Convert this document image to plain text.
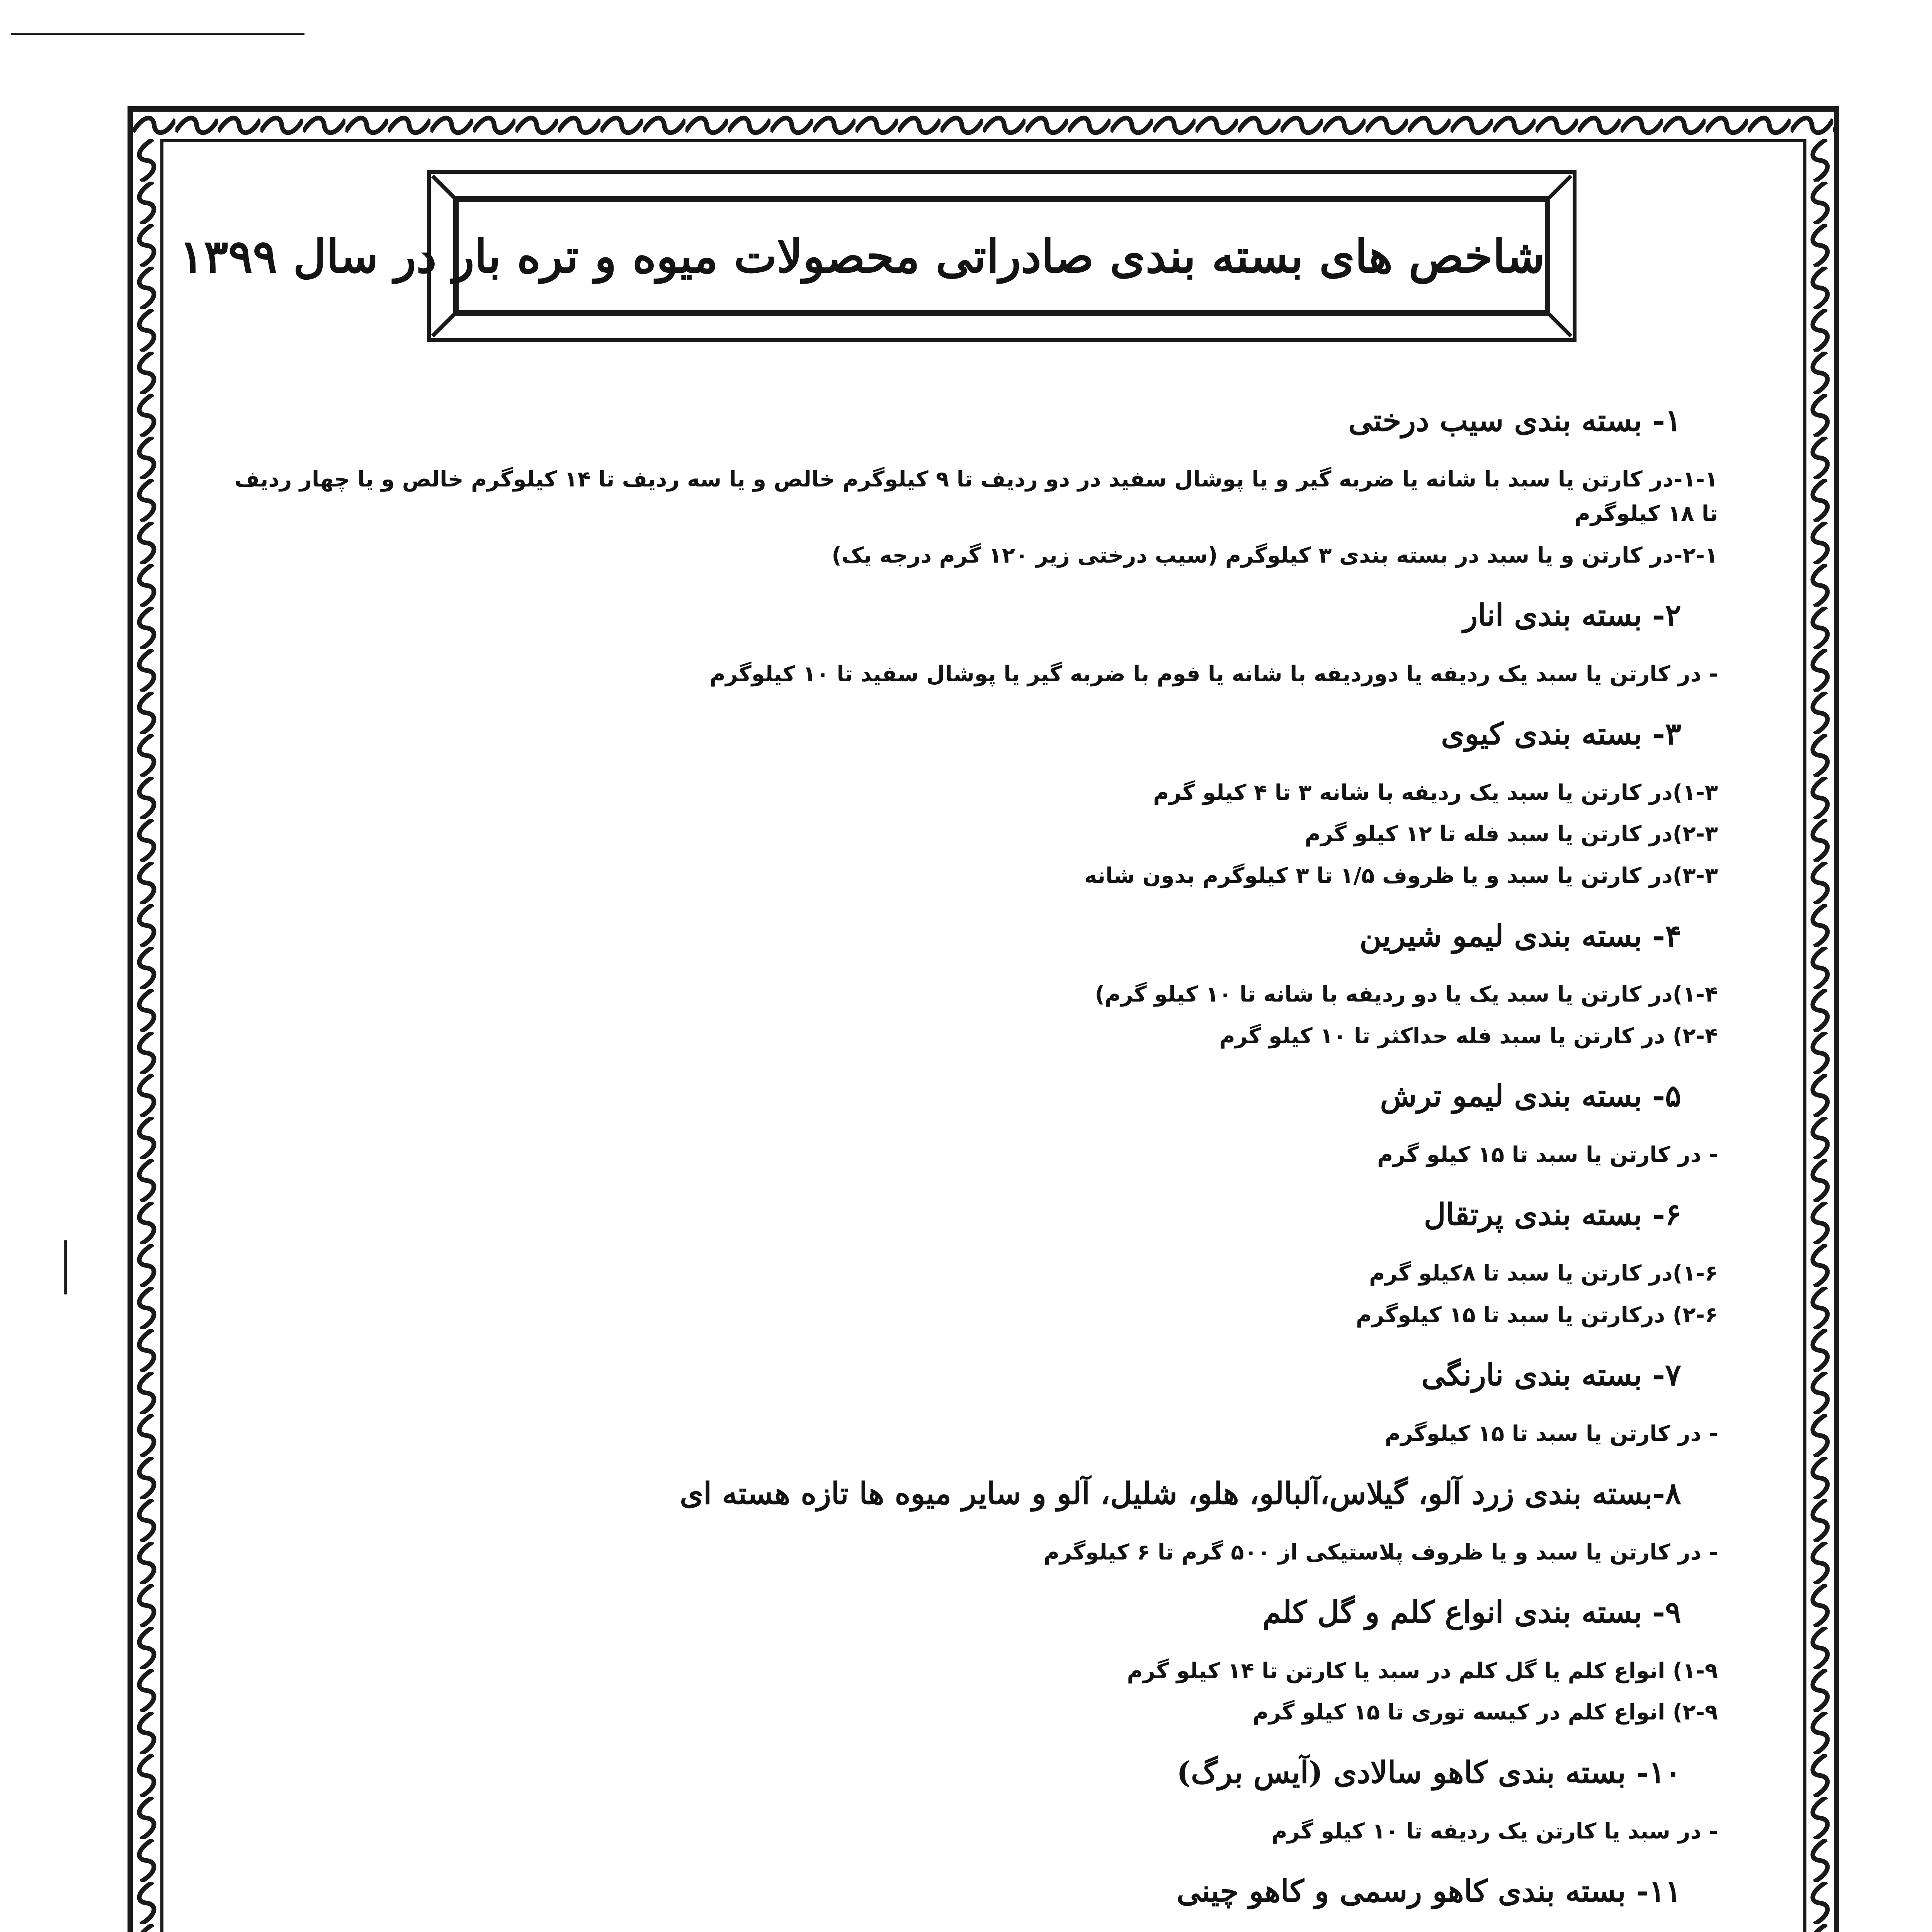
شاخص های بسته بندی صادراتی محصولات میوه و تره بار در سال ۱۳۹۹
۱- بسته بندی سیب درختی
۱-۱-در کارتن یا سبد با شانه یا ضربه گیر و یا پوشال سفید در دو ردیف تا ۹ کیلوگرم خالص و یا سه ردیف تا ۱۴ کیلوگرم خالص و یا چهار ردیف تا ۱۸ کیلوگرم
۲-۱-در کارتن و یا سبد در بسته بندی ۳ کیلوگرم (سیب درختی زیر ۱۲۰ گرم درجه یک)
۲- بسته بندی انار
- در کارتن یا سبد یک ردیفه یا دوردیفه با شانه یا فوم با ضربه گیر یا پوشال سفید تا ۱۰ کیلوگرم
۳- بسته بندی کیوی
۱-۳)در کارتن یا سبد یک ردیفه با شانه ۳ تا ۴ کیلو گرم
۲-۳)در کارتن یا سبد فله تا ۱۲ کیلو گرم
۳-۳)در کارتن یا سبد و یا ظروف ۱/۵ تا ۳ کیلوگرم بدون شانه
۴- بسته بندی لیمو شیرین
۱-۴)در کارتن یا سبد یک یا دو ردیفه با شانه تا ۱۰ کیلو گرم)
۲-۴) در کارتن یا سبد فله حداکثر تا ۱۰ کیلو گرم
۵- بسته بندی لیمو ترش
- در کارتن یا سبد تا ۱۵ کیلو گرم
۶- بسته بندی پرتقال
۱-۶)در کارتن یا سبد تا ۸کیلو گرم
۲-۶) درکارتن یا سبد تا ۱۵ کیلوگرم
۷- بسته بندی نارنگی
- در کارتن یا سبد تا ۱۵ کیلوگرم
۸-بسته بندی زرد آلو، گیلاس،آلبالو، هلو، شلیل، آلو و سایر میوه ها تازه هسته ای
- در کارتن یا سبد و یا ظروف پلاستیکی از ۵۰۰ گرم تا ۶ کیلوگرم
۹- بسته بندی انواع کلم و گل کلم
۱-۹) انواع کلم یا گل کلم در سبد یا کارتن تا ۱۴ کیلو گرم
۲-۹) انواع کلم در کیسه توری تا ۱۵ کیلو گرم
۱۰- بسته بندی کاهو سالادی (آیس برگ)
- در سبد یا کارتن یک ردیفه تا ۱۰ کیلو گرم
۱۱- بسته بندی کاهو رسمی و کاهو چینی
